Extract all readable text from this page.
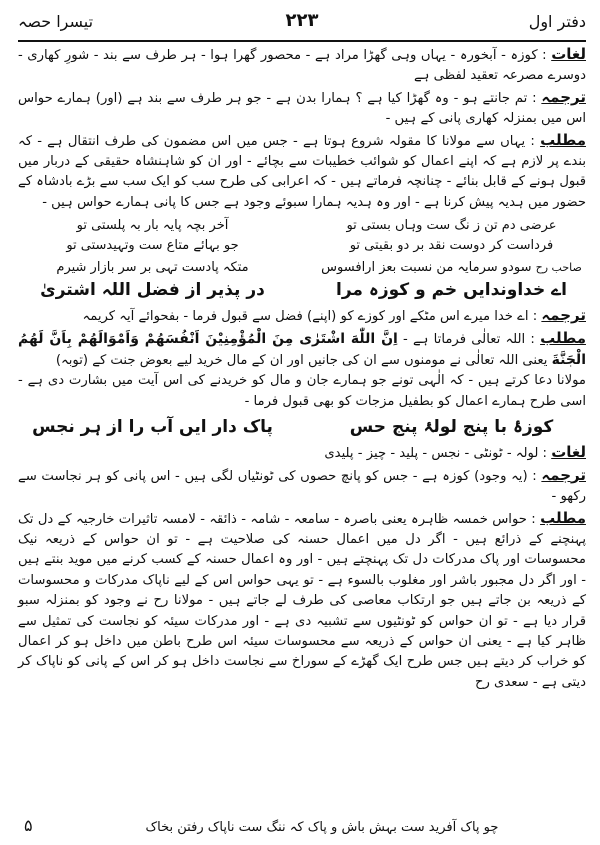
دفتر اول
۲۲۳
تیسرا حصہ

لغات : کوزہ - آبخورہ - یہاں وہی گھڑا مراد ہے - محصور گھرا ہوا - ہر طرف سے بند - شورِ کھاری - دوسرے مصرعہ تعقید لفظی ہے

ترجمہ : تم جانتے ہو - وہ گھڑا کیا ہے ؟ ہمارا بدن ہے - جو ہر طرف سے بند ہے (اور) ہمارے حواس اس میں بمنزلہ کھاری پانی کے ہیں -

مطلب : یہاں سے مولانا کا مقولہ شروع ہوتا ہے - جس میں اس مضمون کی طرف انتقال ہے - کہ بندے پر لازم ہے کہ اپنے اعمال کو شوائب خطیبات سے بچائے - اور ان کو شاہنشاہ حقیقی کے دربار میں قبول ہونے کے قابل بنائے - چنانچہ فرماتے ہیں - کہ اعرابی کی طرح سب کو ایک سب سے بڑے بادشاہ کے حضور میں ہدیہ پیش کرنا ہے - اور وہ ہدیہ ہمارا سبوئے وجود ہے جس کا پانی ہمارے حواس ہیں -

عرضی دم تن ز نگ ست وہاں بستی تو
آخر بچہ پایہ بار بہ پلستی تو
فرداست کر دوست نقد بر دو بقیتی تو
جو بہائے متاع ست وتہیدستی تو
صاحب رح سودو سرمایہ من نسبت بعز ارافسوس
متکہ پادست تہی بر سر بازار شیرم
اے خداوندایں خم و کوزہ مرا
در پذیر از فضل اللہ اشتریٰ

ترجمہ : اے خدا میرے اس مٹکے اور کوزے کو (اپنے) فضل سے قبول فرما - بفحوائے آیہ کریمہ

مطلب : اللہ تعالٰی فرماتا ہے - اِنَّ اللّٰهَ اشْتَرٰى مِنَ الْمُؤْمِنِيْنَ اَنْفُسَهُمْ وَاَمْوَالَهُمْ بِاَنَّ لَهُمُ الْجَنَّةَ یعنی اللہ تعالٰی نے مومنوں سے ان کی جانیں اور ان کے مال خرید لیے بعوض جنت کے (توبہ)

مولانا دعا کرتے ہیں - کہ الٰہی تونے جو ہمارے جان و مال کو خریدنے کی اس آیت میں بشارت دی ہے - اسی طرح ہمارے اعمال کو بطفیل مزجات کو بھی قبول فرما -

کوزۂ با پنج لولۂ پنج حس
پاک دار ایں آب را از ہر نجس

لغات : لولہ - ٹونٹی - نجس - پلید - چیز - پلیدی

ترجمہ : (یہ وجود) کوزہ ہے - جس کو پانچ حصوں کی ٹونٹیاں لگی ہیں - اس پانی کو ہر نجاست سے رکھو -

مطلب : حواس خمسہ ظاہرہ یعنی باصرہ - سامعہ - شامہ - ذائقہ - لامسہ تاثیرات خارجیہ کے دل تک پہنچنے کے ذرائع ہیں - اگر دل میں اعمال حسنہ کی صلاحیت ہے - تو ان حواس کے ذریعہ نیک محسوسات اور پاک مدرکات دل تک پہنچتے ہیں - اور وہ اعمال حسنہ کے کسب کرنے میں موید بنتے ہیں - اور اگر دل مجبور باشر اور مغلوب بالسوء ہے - تو یہی حواس اس کے لیے ناپاک مدرکات و محسوسات کے ذریعہ بن جاتے ہیں جو ارتکاب معاصی کی طرف لے جاتے ہیں - مولانا رح نے وجود کو بمنزلہ سبو قرار دیا ہے - تو ان حواس کو ٹونٹیوں سے تشبیہ دی ہے - اور مدرکات سیئہ کو نجاست کی تمثیل سے ظاہر کیا ہے - یعنی ان حواس کے ذریعہ سے محسوسات سیئہ اس طرح باطن میں داخل ہو کر اعمال کو خراب کر دیتے ہیں جس طرح ایک گھڑے کے سوراخ سے نجاست داخل ہو کر اس کے پانی کو ناپاک کر دیتی ہے - سعدی رح

چو پاک آفرید ست بہش باش و پاک کہ ننگ ست ناپاک رفتن بخاک
۵
